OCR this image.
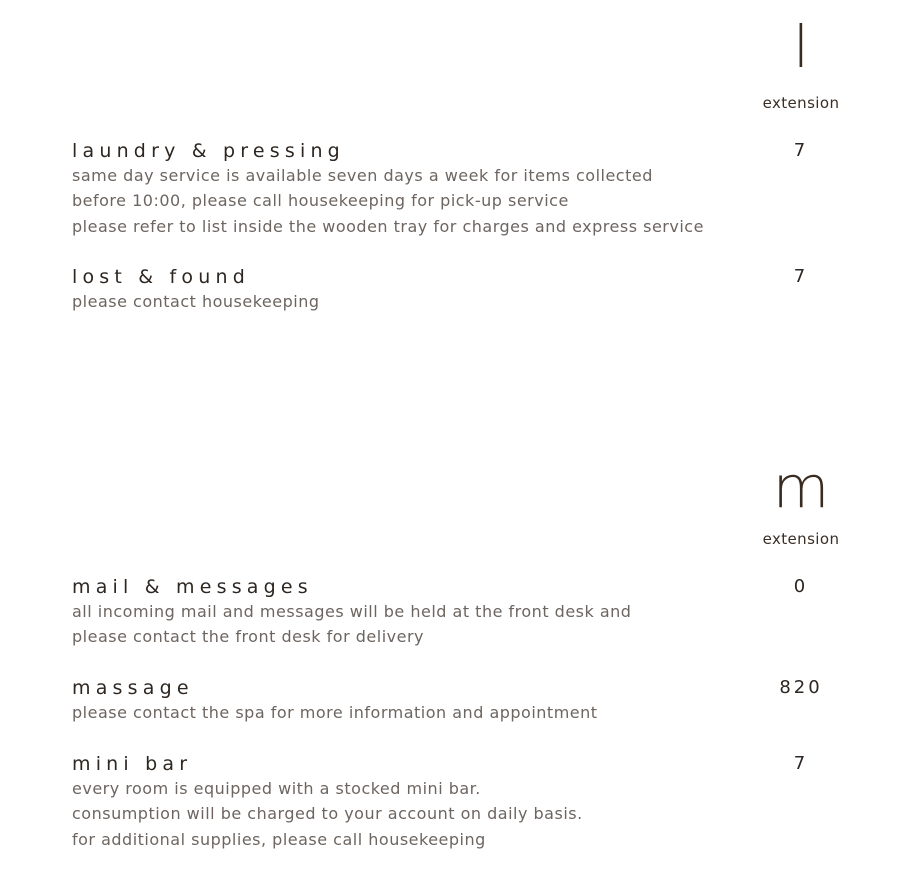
l
extension
laundry & pressing	7
same day service is available seven days a week for items collected
before 10:00, please call housekeeping for pick-up service
please refer to list inside the wooden tray for charges and express service
lost & found	7
please contact housekeeping
m
extension
mail & messages	0
all incoming mail and messages will be held at the front desk and
please contact the front desk for delivery
massage	820
please contact the spa for more information and appointment
mini bar	7
every room is equipped with a stocked mini bar.
consumption will be charged to your account on daily basis.
for additional supplies, please call housekeeping
